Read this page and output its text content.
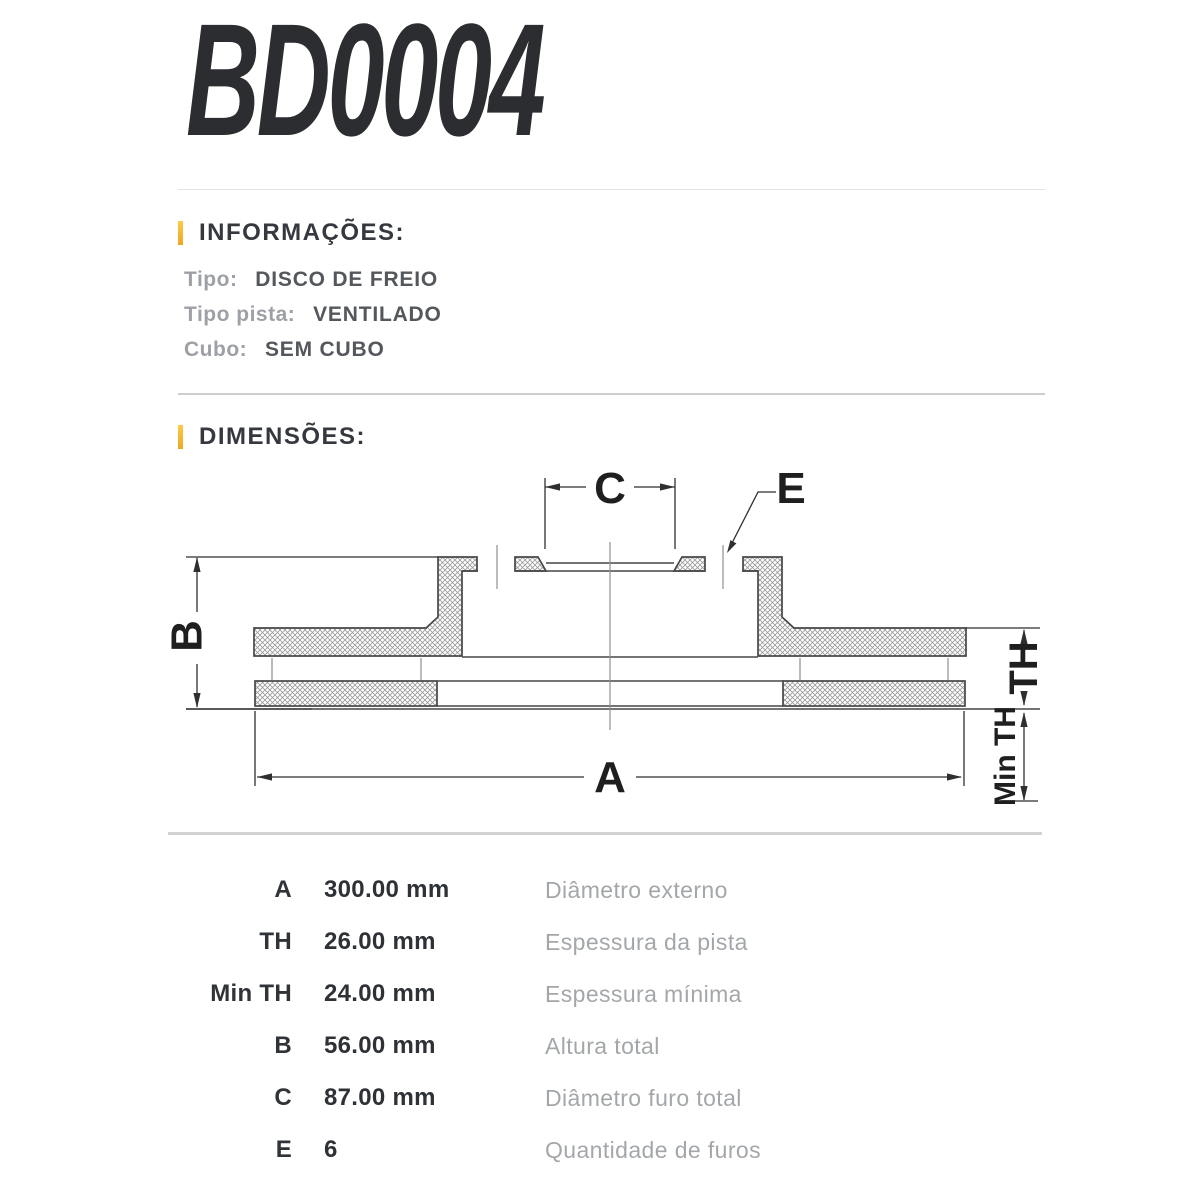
BD0004
INFORMAÇÕES:
Tipo: DISCO DE FREIO
Tipo pista: VENTILADO
Cubo: SEM CUBO
DIMENSÕES:
C	E
B
A
TH
Min TH
A	300.00 mm	Diâmetro externo
TH	26.00 mm	Espessura da pista
Min TH	24.00 mm	Espessura mínima
B	56.00 mm	Altura total
C	87.00 mm	Diâmetro furo total
E	6	Quantidade de furos
